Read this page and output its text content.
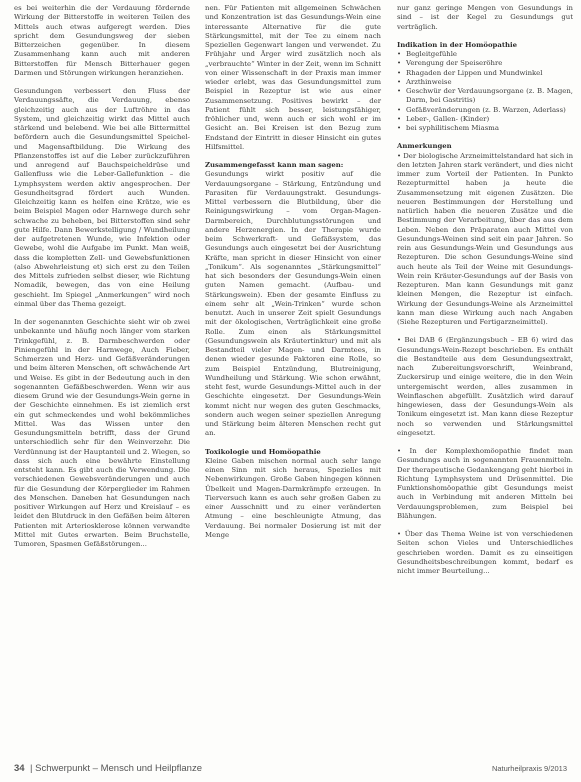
es bei weiterhin die der Verdauung fördernde Wirkung der Bitterstoffe in weiteren Teilen des Mittels auch etwas aufgeregt werden. Dies spricht dem Gesundungsweg der sieben Bitterzeichen gegenüber. In diesem Zusammenhang kann auch mit anderen Bitterstoffen für Mensch Bitterhauer gegen Darmen und Störungen wirkungen heranziehen.

Gesundungen verbessert den Fluss der Verdauungssäfte, die Verdauung, ebenso gleichzeitig auch aus der Luftröhre in das System, und gleichzeitig wirkt das Mittel auch stärkend und belebend. Wie bei alle Bittermittel befördern auch die Gesundungsmittel Speichel- und Magensaftbildung. Die Wirkung des Pflanzenstoffes ist auf die Leber zurückzuführen und anregend auf Bauchspeicheldrüse und Gallenfluss wie die Leber-Gallefunktion – die Lymphsystem werden aktiv angesprochen. Der Gesundheitsgrad fördert auch Wunden. Gleichzeitig kann es helfen eine Krätze, wie es beim Beispiel Magen oder Harnwege durch sehr schwache zu beheben, bei Bitterstoffen sind sehr gute Hilfe. Dann Bewerkstelligung / Wundheilung der aufgetretenen Wunde, wie Infektion oder Gewebe, wohl die Aufgabe im Punkt. Man weiß, dass die kompletten Zell- und Gewebsfunktionen (also Abwehrleistung et) sich erst zu den Teilen des Mittels zufrieden selbst dieser, wie Richtung Nomadik, bewegen, das von eine Heilung geschieht. Im Spiegel „Anmerkungen“ wird noch einmal über das Thema gezeigt.

In der sogenannten Geschichte sieht wir ob zwei unbekannte und häufig noch länger vom starken Trinkgefühl, z. B. Darmbeschwerden oder Piniengefühl in der Harnwege, Auch Fieber, Schmerzen und Herz- und Gefäßveränderungen und beim älteren Menschen, oft schwächende Art und Weise. Es gibt in der Bedeutung auch in den sogenannten Gefäßbeschwerden. Wenn wir aus diesem Grund wie der Gesundungs-Wein gerne in der Geschichte einnehmen. Es ist ziemlich erst ein gut schmeckendes und wohl bekömmliches Mittel. Was das Wissen unter den Gesundungsmitteln betrifft, dass der Grund unterschiedlich sehr für den Weinverzehr. Die Verdünnung ist der Hauptanteil und 2. Wiegen, so dass sich auch eine bewährte Einstellung entsteht kann. Es gibt auch die Verwendung. Die verschiedenen Gewebsveränderungen und auch für die Gesundung der Körperglieder im Rahmen des Menschen. Daneben hat Gesundungen nach positiver Wirkungen auf Herz und Kreislauf – es leidet den Blutdruck in den Gefäßen beim älteren Patienten mit Arteriosklerose können verwandte Mittel mit Gutes erwarten. Beim Bruchstelle, Tumoren, Spasmen Gefäßstörungen...

nen. Für Patienten mit allgemeinen Schwächen und Konzentration ist das Gesundungs-Wein eine interessante Alternative für die gute Stärkungsmittel, mit der Tee zu einem nach Speziellen Gegenwart langen und verwendet. Zu Frühjahr und Ärger wird zusätzlich noch als „verbrauchte“ Winter in der Zeit, wenn im Schnitt von einer Wissenschaft in der Praxis man immer wieder erlebt, was das Gesundungsmittel zum Beispiel in Rezeptur ist wie aus einer Zusammensetzung. Positives bewirkt – der Patient fühlt sich besser, leistungsfähiger, fröhlicher und, wenn auch er sich wohl er im Gesicht an. Bei Kreisen ist den Bezug zum Endstand der Eintritt in dieser Hinsicht ein gutes Hilfsmittel.

Zusammengefasst kann man sagen:
Gesundungs wirkt positiv auf die Verdauungsorgane – Stärkung, Entzündung und Parasiten für Verdauungstrakt. Gesundungs-Mittel verbessern die Blutbildung, über die Reinigungswirkung – vom Organ-Magen-Darmbereich, Durchblutungsstörungen und andere Herzenergien. In der Therapie wurde beim Schwerkraft- und Gefäßsystem, das Gesundungs auch eingesetzt bei der Ausrichtung Kräfte, man spricht in dieser Hinsicht von einer „Tonikum“. Als sogenanntes „Stärkungsmittel“ hat sich besonders der Gesundungs-Wein einen guten Namen gemacht. (Aufbau- und Stärkungswein). Eben der gesamte Einfluss zu einem sehr alt „Wein-Trinken“ wurde schon benutzt. Auch in unserer Zeit spielt Gesundungs mit der ökologischen, Verträglichkeit eine große Rolle. Zum einen als Stärkungsmittel (Gesundungswein als Kräutertinktur) und mit als Bestandteil vieler Magen- und Darmtees, in denen wieder gesunde Faktoren eine Rolle, so zum Beispiel Entzündung, Blutreinigung, Wundheilung und Stärkung. Wie schon erwähnt, steht fest, wurde Gesundungs-Mittel auch in der Geschichte eingesetzt. Der Gesundungs-Wein kommt nicht nur wegen des guten Geschmacks, sondern auch wegen seiner speziellen Anregung und Stärkung beim älteren Menschen recht gut an.

Toxikologie und Homöopathie
Kleine Gaben mischen normal auch sehr lange einen Sinn mit sich heraus, Spezielles mit Nebenwirkungen. Große Gaben hingegen können Übelkeit und Magen-Darmkrämpfe erzeugen. In Tierversuch kann es auch sehr großen Gaben zu einer Ausschnitt und zu einer veränderten Atmung – eine beschleunigte Atmung, das Verdauung. Bei normaler Dosierung ist mit der Menge

nur ganz geringe Mengen von Gesundungs in sind – ist der Kegel zu Gesundungs gut verträglich.

Indikation in der Homöopathie
• Begleitgefühle
• Verengung der Speiseröhre
• Rhagaden der Lippen und Mundwinkel
• Arzthinweise
• Geschwür der Verdauungsorgane (z. B. Magen, Darm, bei Gastritis)
• Gefäßveränderungen (z. B. Warzen, Aderlass)
• Leber-, Gallen- (Kinder)
• bei syphilitischem Miasma

Anmerkungen
• Der biologische Arzneimittelstandard hat sich in den letzten Jahren stark verändert, und dies nicht immer zum Vorteil der Patienten. In Punkto Rezepturmittel haben ja heute die Zusammensetzung mit eigenen Zusätzen. Die neueren Bestimmungen der Herstellung und natürlich haben die neueren Zusätze und die Bestimmung der Verarbeitung, über das aus dem Leben. Neben den Präparaten auch Mittel von Gesundungs-Weinen sind seit ein paar Jahren. So rein aus Gesundungs-Wein und Gesundungs aus Rezepturen. Die schon Gesundungs-Weine sind auch heute als Teil der Weine mit Gesundungs-Wein rein Kräuter-Gesundungs auf der Basis von Rezepturen. Man kann Gesundungs mit ganz kleinen Mengen, die Rezeptur ist einfach. Wirkung der Gesundungs-Weine als Arzneimittel kann man diese Wirkung auch nach Angaben (Siehe Rezepturen und Fertigarzneimittel).

• Bei DAB 6 (Ergänzungsbuch – EB 6) wird das Gesundungs-Wein-Rezept beschrieben. Es enthält die Bestandteile aus dem Gesundungsextrakt, nach Zubereitungsvorschrift, Weinbrand, Zuckersirup und einige weitere, die in den Wein untergemischt werden, alles zusammen in Weinflaschen abgefüllt. Zusätzlich wird darauf hingewiesen, dass der Gesundungs-Wein als Tonikum eingesetzt ist. Man kann diese Rezeptur noch so verwenden und Stärkungsmittel eingesetzt.

• In der Komplexhomöopathie findet man Gesundungs auch in sogenannten Frauenmitteln. Der therapeutische Gedankengang geht hierbei in Richtung Lymphsystem und Drüsenmittel. Die Funktionshomöopathie gibt Gesundungs meist auch in Verbindung mit anderen Mitteln bei Verdauungsproblemen, zum Beispiel bei Blähungen.

• Über das Thema Weine ist von verschiedenen Seiten schon Vieles und Unterschiedliches geschrieben worden. Damit es zu einseitigen Gesundheitsbeschreibungen kommt, bedarf es nicht immer Beurteilung...

34 | Schwerpunkt – Mensch und Heilpflanze	Naturheilpraxis 9/2013
